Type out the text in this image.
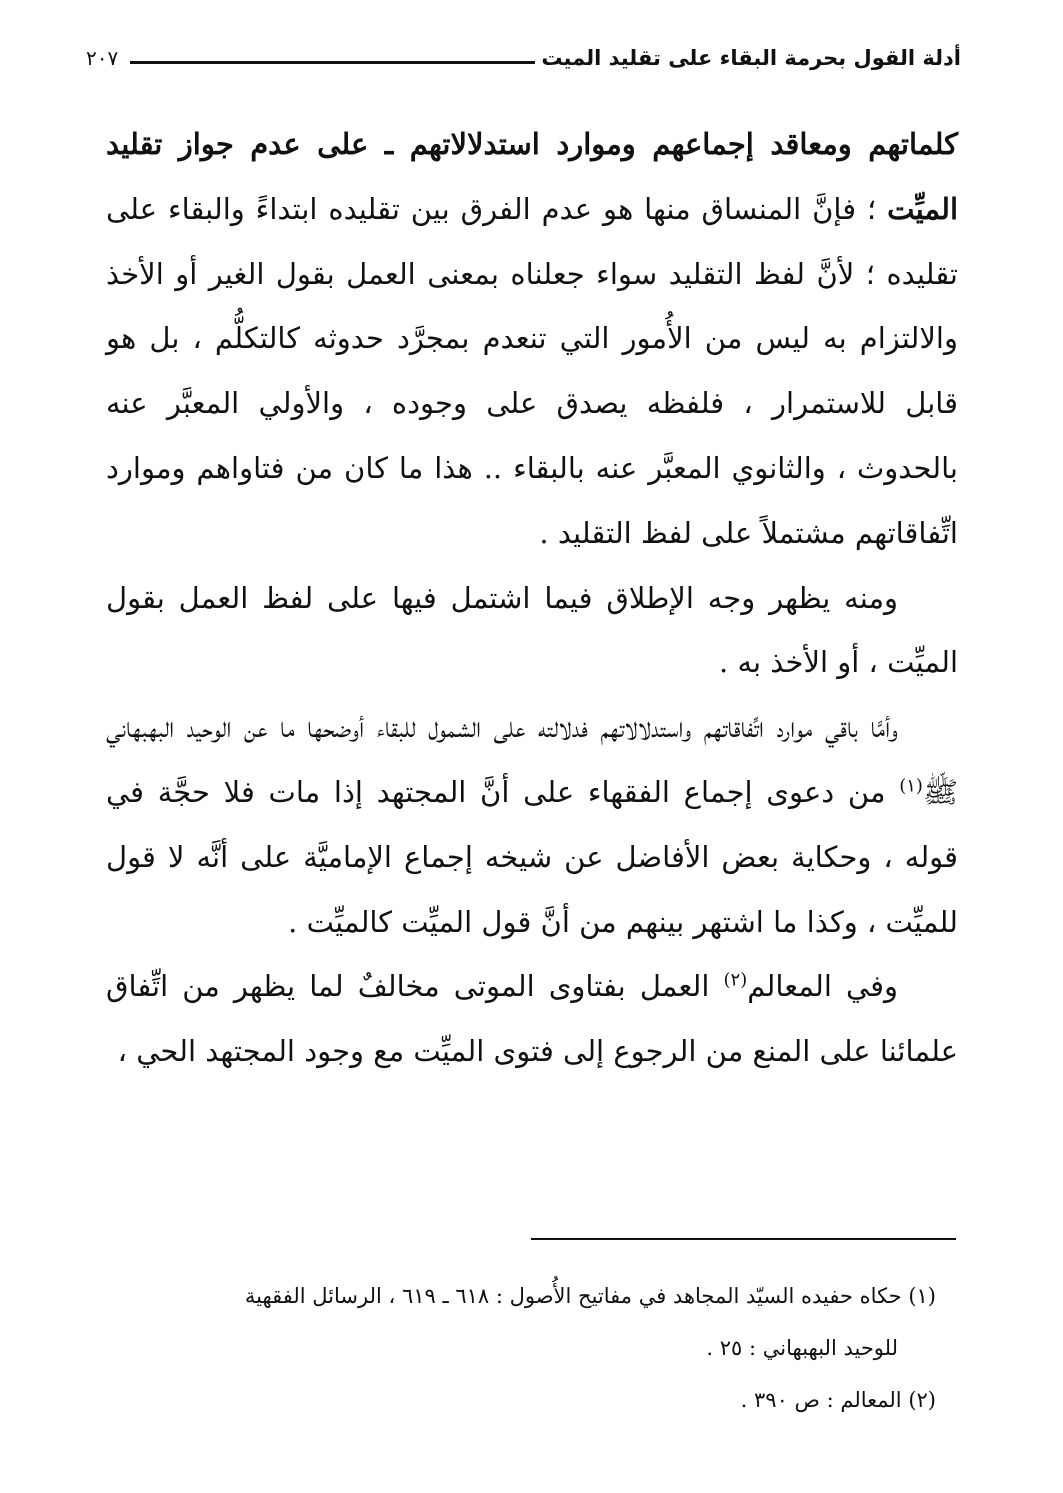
أدلة القول بحرمة البقاء على تقليد الميت
٢٠٧

كلماتهم ومعاقد إجماعهم وموارد استدلالاتهم ـ على عدم جواز تقليد الميِّت ؛ فإنَّ المنساق منها هو عدم الفرق بين تقليده ابتداءً والبقاء على تقليده ؛ لأنَّ لفظ التقليد سواء جعلناه بمعنى العمل بقول الغير أو الأخذ والالتزام به ليس من الأُمور التي تنعدم بمجرَّد حدوثه كالتكلُّم ، بل هو قابل للاستمرار ، فلفظه يصدق على وجوده ، والأولي المعبَّر عنه بالحدوث ، والثانوي المعبَّر عنه بالبقاء .. هذا ما كان من فتاواهم وموارد اتِّفاقاتهم مشتملاً على لفظ التقليد .

ومنه يظهر وجه الإطلاق فيما اشتمل فيها على لفظ العمل بقول الميِّت ، أو الأخذ به .

وأمَّا باقي موارد اتِّفاقاتهم واستدلالاتهم فدلالته على الشمول للبقاء أوضحها ما عن الوحيد البهبهاني ﷺ$^{(١)}$ من دعوى إجماع الفقهاء على أنَّ المجتهد إذا مات فلا حجَّة في قوله ، وحكاية بعض الأفاضل عن شيخه إجماع الإماميَّة على أنَّه لا قول للميِّت ، وكذا ما اشتهر بينهم من أنَّ قول الميِّت كالميِّت .

وفي المعالم$^{(٢)}$ العمل بفتاوى الموتى مخالفٌ لما يظهر من اتِّفاق علمائنا على المنع من الرجوع إلى فتوى الميِّت مع وجود المجتهد الحي ،

(١) حكاه حفيده السيّد المجاهد في مفاتيح الأُصول : ٦١٨ ـ ٦١٩ ، الرسائل الفقهية

للوحيد البهبهاني : ٢٥ .

(٢) المعالم : ص ٣٩٠ .
